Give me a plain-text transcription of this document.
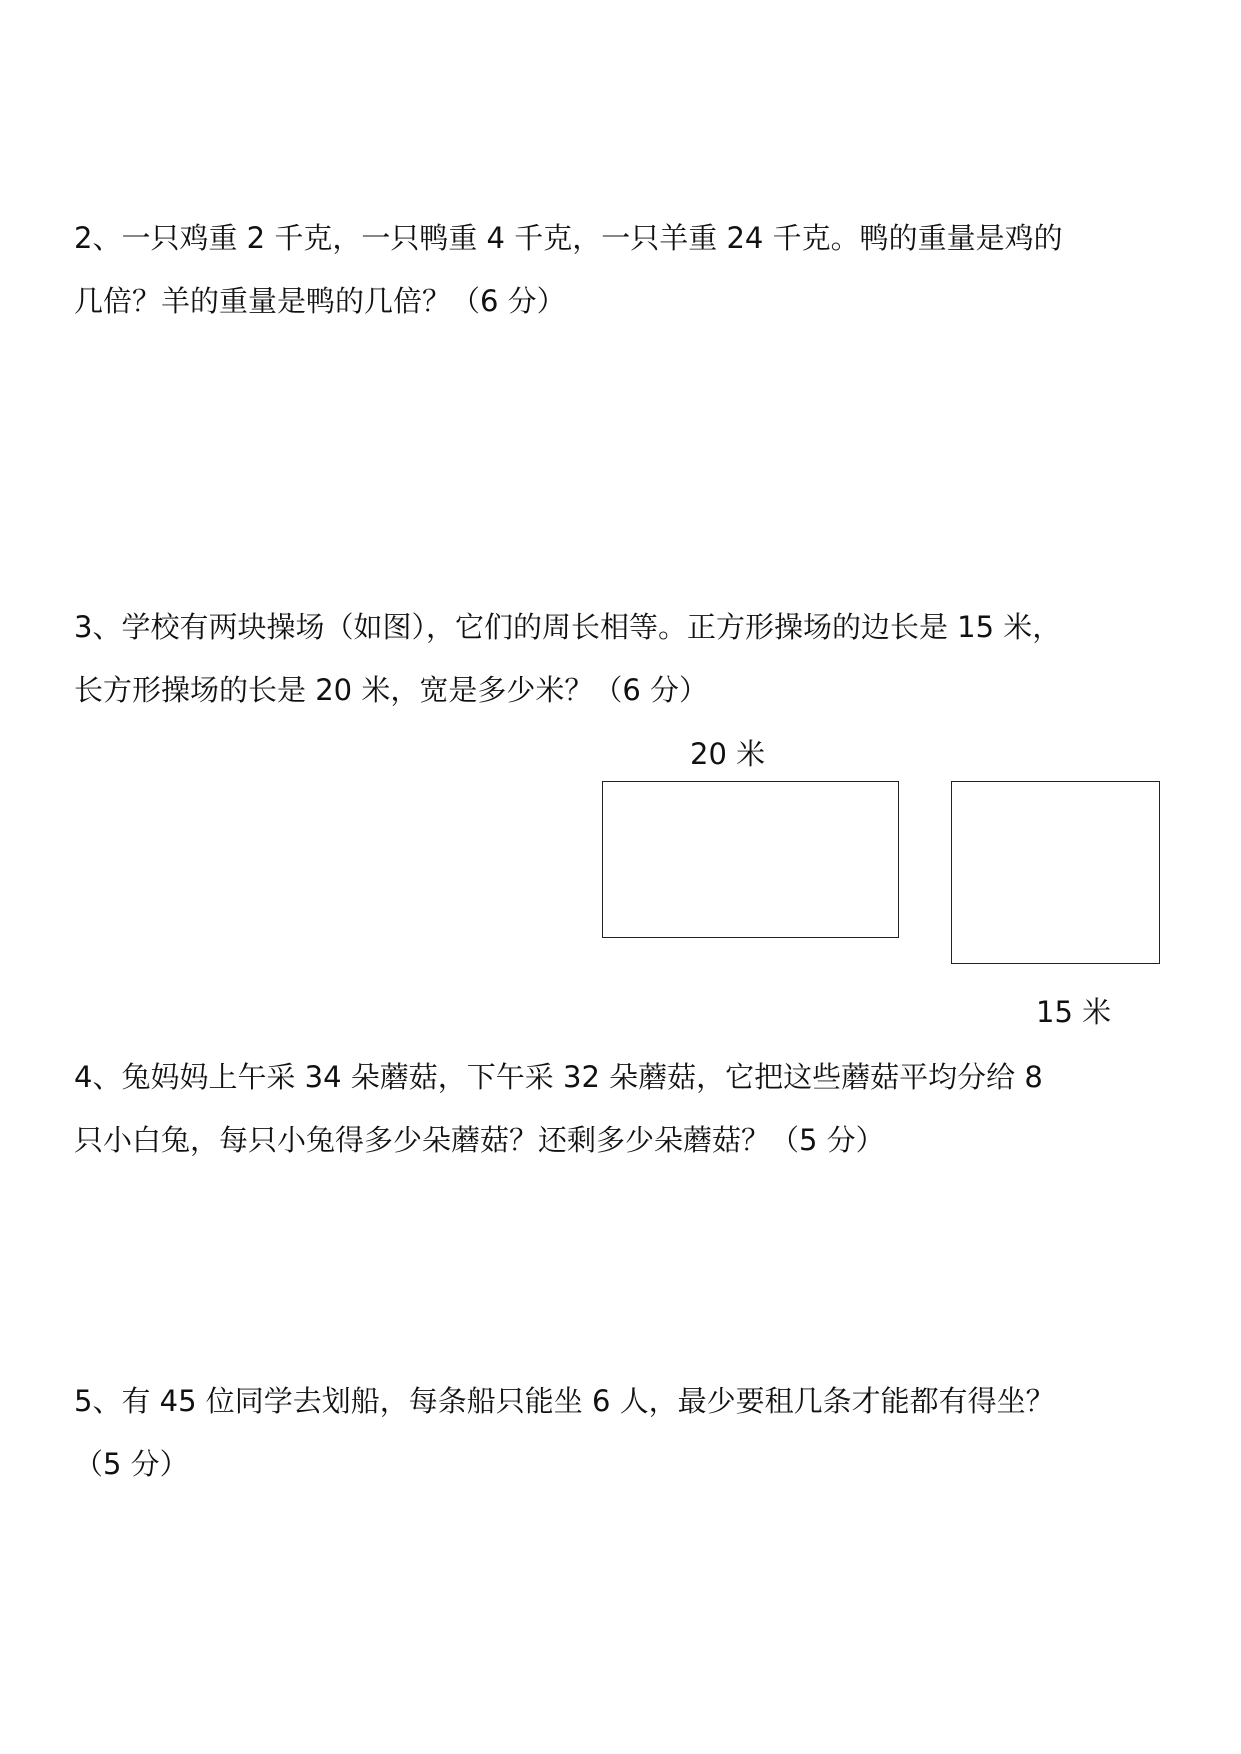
2、一只鸡重 2 千克，一只鸭重 4 千克，一只羊重 24 千克。鸭的重量是鸡的
几倍？羊的重量是鸭的几倍？（6 分）
3、学校有两块操场（如图），它们的周长相等。正方形操场的边长是 15 米，
长方形操场的长是 20 米，宽是多少米？（6 分）
20 米
15 米
4、兔妈妈上午采 34 朵蘑菇，下午采 32 朵蘑菇，它把这些蘑菇平均分给 8
只小白兔，每只小兔得多少朵蘑菇？还剩多少朵蘑菇？（5 分）
5、有 45 位同学去划船，每条船只能坐 6 人，最少要租几条才能都有得坐？
（5 分）
